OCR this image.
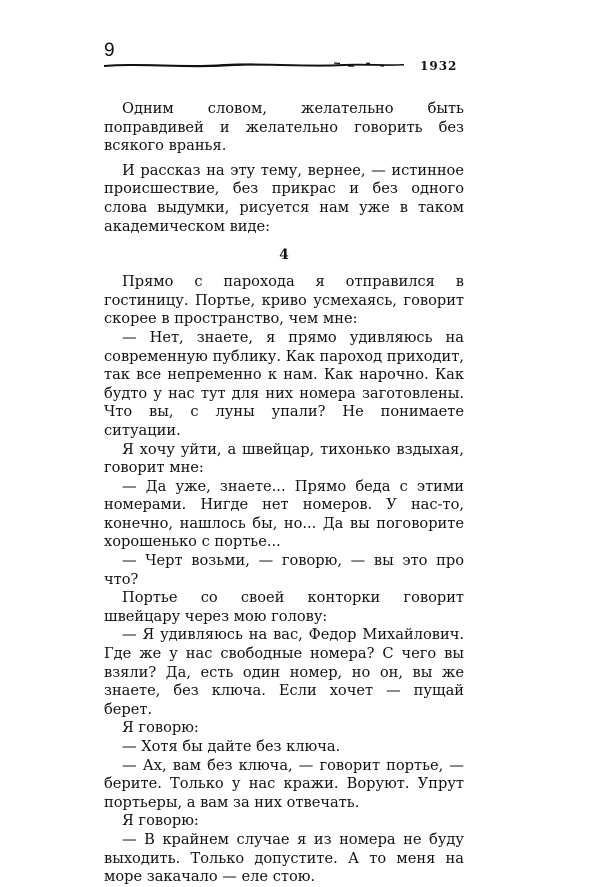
9
1932

Одним словом, желательно быть поправдивей и желательно говорить без всякого вранья.

И рассказ на эту тему, вернее, — истинное происшествие, без прикрас и без одного слова выдумки, рисуется нам уже в таком академическом виде:

4

Прямо с парохода я отправился в гостиницу. Портье, криво усмехаясь, говорит скорее в пространство, чем мне:

— Нет, знаете, я прямо удивляюсь на современную публику. Как пароход приходит, так все непременно к нам. Как нарочно. Как будто у нас тут для них номера заготовлены. Что вы, с луны упали? Не понимаете ситуации.

Я хочу уйти, а швейцар, тихонько вздыхая, говорит мне:

— Да уже, знаете... Прямо беда с этими номерами. Нигде нет номеров. У нас-то, конечно, нашлось бы, но... Да вы поговорите хорошенько с портье...

— Черт возьми, — говорю, — вы это про что?

Портье со своей конторки говорит швейцару через мою голову:

— Я удивляюсь на вас, Федор Михайлович. Где же у нас свободные номера? С чего вы взяли? Да, есть один номер, но он, вы же знаете, без ключа. Если хочет — пущай берет.

Я говорю:

— Хотя бы дайте без ключа.

— Ах, вам без ключа, — говорит портье, — берите. Только у нас кражи. Воруют. Упрут портьеры, а вам за них отвечать.

Я говорю:

— В крайнем случае я из номера не буду выходить. Только допустите. А то меня на море закачало — еле стою.
